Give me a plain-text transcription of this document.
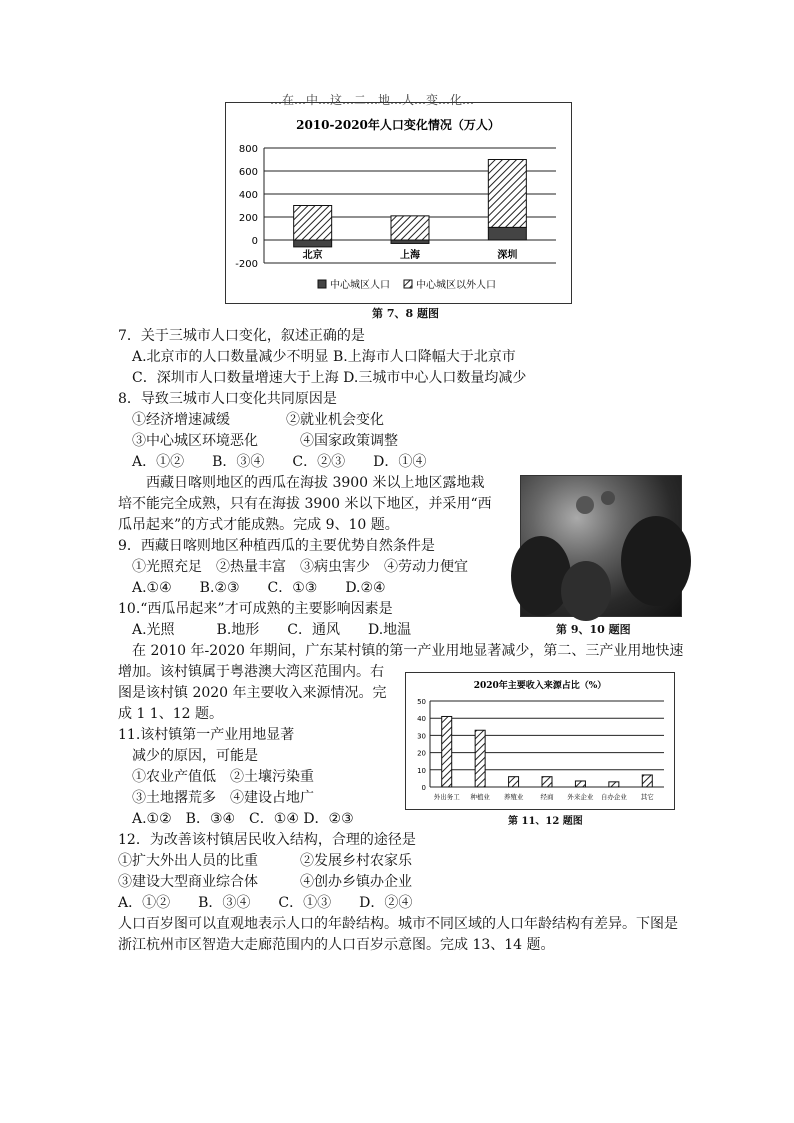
…在…中…这…二…地…人…变…化…
2010-2020年人口变化情况（万人）
800
600
400
200
0
-200
北京	上海	深圳
中心城区人口	中心城区以外人口
第 7、8 题图
7．关于三城市人口变化，叙述正确的是
A.北京市的人口数量减少不明显 B.上海市人口降幅大于北京市
C．深圳市人口数量增速大于上海 D.三城市中心人口数量均减少
8．导致三城市人口变化共同原因是
①经济增速减缓　　　　②就业机会变化
③中心城区环境恶化　　　④国家政策调整
A．①②　　B．③④　　C．②③　　D．①④
西藏日喀则地区的西瓜在海拔 3900 米以上地区露地栽
培不能完全成熟，只有在海拔 3900 米以下地区，并采用“西
瓜吊起来”的方式才能成熟。完成 9、10 题。
第 9、10 题图
9．西藏日喀则地区种植西瓜的主要优势自然条件是
①光照充足　②热量丰富　③病虫害少　④劳动力便宜
A.①④　　B.②③　　C．①③　　D.②④
10.“西瓜吊起来”才可成熟的主要影响因素是
A.光照　　　B.地形　　C．通风　　D.地温
在 2010 年-2020 年期间，广东某村镇的第一产业用地显著减少，第二、三产业用地快速
增加。该村镇属于粤港澳大湾区范围内。右
图是该村镇 2020 年主要收入来源情况。完
成 1 1、12 题。
11.该村镇第一产业用地显著
减少的原因，可能是
①农业产值低　②土壤污染重
③土地撂荒多　④建设占地广
A.①②　B．③④　C．①④ D．②③
2020年主要收入来源占比（%）
50
40
30
20
10
0
外出务工 种植业 养殖业	经商 外来企业 自办企业 其它
第 11、12 题图
12．为改善该村镇居民收入结构，合理的途径是
①扩大外出人员的比重　　　②发展乡村农家乐
③建设大型商业综合体　　　④创办乡镇办企业
A．①②　　B．③④　　C．①③　　D．②④
人口百岁图可以直观地表示人口的年龄结构。城市不同区域的人口年龄结构有差异。下图是
浙江杭州市区智造大走廊范围内的人口百岁示意图。完成 13、14 题。
